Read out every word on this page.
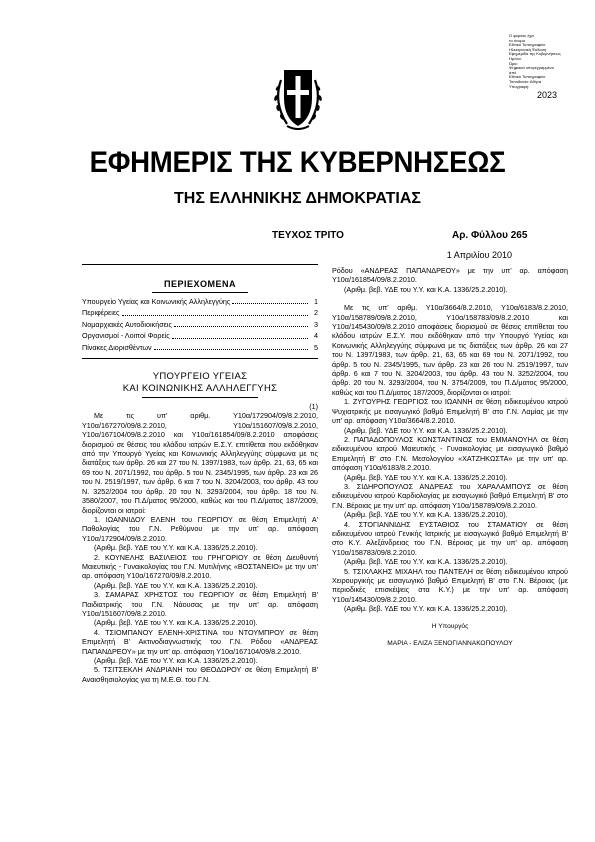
Ο φορέας έχει
το όνομα
Εθνικό Τυπογραφείο
Ηλεκτρονική Έκδοση
Εφημερίδα της Κυβερνήσεως
Ημ/νια:
Ώρα:
Ψηφιακά υπογεγραμμένο από
Εθνικό Τυπογραφείο
Τοποθεσία: Αθήνα
Υπογραφή:
2023
ΕΦΗΜΕΡΙΣ ΤΗΣ ΚΥΒΕΡΝΗΣΕΩΣ
ΤΗΣ ΕΛΛΗΝΙΚΗΣ ΔΗΜΟΚΡΑΤΙΑΣ
ΤΕΥΧΟΣ ΤΡΙΤΟ	Αρ. Φύλλου 265
1 Απριλίου 2010
ΠΕΡΙΕΧΟΜΕΝΑ
Υπουργείο Υγείας και Κοινωνικής Αλληλεγγύης	1
Περιφέρειες	2
Νομαρχιακές Αυτοδιοικήσεις	3
Οργανισμοί - Λοιποί Φορείς	4
Πίνακες Διορισθέντων	5
ΥΠΟΥΡΓΕΙΟ ΥΓΕΙΑΣ
ΚΑΙ ΚΟΙΝΩΝΙΚΗΣ ΑΛΛΗΛΕΓΓΥΗΣ

(1)

Με τις υπ' αριθμ. Υ10α/172904/09/8.2.2010, Υ10α/167270/09/8.2.2010, Υ10α/151607/09/8.2.2010, Υ10α/167104/09/8.2.2010 και Υ10α/161854/09/8.2.2010 αποφάσεις διορισμού σε θέσεις του κλάδου ιατρών Ε.Σ.Υ. επιτίθεται που εκδόθηκαν από την Υπουργό Υγείας και Κοινωνικής Αλληλεγγύης σύμφωνα με τις διατάξεις των άρθρ. 26 και 27 του Ν. 1397/1983, των άρθρ. 21, 63, 65 και 69 του Ν. 2071/1992, του άρθρ. 5 του Ν. 2345/1995, των άρθρ. 23 και 26 του Ν. 2519/1997, των άρθρ. 6 και 7 του Ν. 3204/2003, του άρθρ. 43 του Ν. 3252/2004 του άρθρ. 20 του Ν. 3293/2004, του άρθρ. 18 του Ν. 3580/2007, του Π.Δ/ματος 95/2000, καθώς και του Π.Δ/ματος 187/2009, διορίζονται οι ιατροί:

1. ΙΩΑΝΝΙΔΟΥ ΕΛΕΝΗ του ΓΕΩΡΓΙΟΥ σε θέση Επιμελητή Α' Παθολογίας του Γ.Ν. Ρεθύμνου με την υπ' αρ. απόφαση Υ10α/172904/09/8.2.2010.

(Αριθμ. βεβ. ΥΔΕ του Υ.Υ. και Κ.Α. 1336/25.2.2010).

2. ΚΟΥΝΕΛΗΣ ΒΑΣΙΛΕΙΟΣ του ΓΡΗΓΟΡΙΟΥ σε θέση Διευθυντή Μαιευτικής - Γυναικολογίας του Γ.Ν. Μυτιλήνης «ΒΟΣΤΑΝΕΙΟ» με την υπ' αρ. απόφαση Υ10α/167270/09/8.2.2010.

(Αριθμ. βεβ. ΥΔΕ του Υ.Υ. και Κ.Α. 1336/25.2.2010).

3. ΣΑΜΑΡΑΣ ΧΡΗΣΤΟΣ του ΓΕΩΡΓΙΟΥ σε θέση Επιμελητή Β' Παιδιατρικής του Γ.Ν. Νάουσας με την υπ' αρ. απόφαση Υ10α/151607/09/8.2.2010.

(Αριθμ. βεβ. ΥΔΕ του Υ.Υ. και Κ.Α. 1336/25.2.2010).

4. ΤΣΙΟΜΠΑΝΟΥ ΕΛΕΝΗ-ΧΡΙΣΤΙΝΑ του ΝΤΟΥΜΠΡΟΥ σε θέση Επιμελητή Β' Ακτινοδιαγνωστικής του Γ.Ν. Ρόδου «ΑΝΔΡΕΑΣ ΠΑΠΑΝΔΡΕΟΥ» με την υπ' αρ. απόφαση Υ10α/167104/09/8.2.2010.

(Αριθμ. βεβ. ΥΔΕ του Υ.Υ. και Κ.Α. 1336/25.2.2010).

5. ΤΣΙΤΣΕΚΛΗ ΑΝΔΡΙΑΝΗ του ΘΕΟΔΩΡΟΥ σε θέση Επιμελητή Β' Αναισθησιολογίας για τη Μ.Ε.Θ. του Γ.Ν.

Ρόδου «ΑΝΔΡΕΑΣ ΠΑΠΑΝΔΡΕΟΥ» με την υπ' αρ. απόφαση Υ10α/161854/09/8.2.2010.

(Αριθμ. βεβ. ΥΔΕ του Υ.Υ. και Κ.Α. 1336/25.2.2010).

Με τις υπ' αριθμ. Υ10α/3664/8.2.2010, Υ10α/6183/8.2.2010, Υ10α/158789/09/8.2.2010, Υ10α/158783/09/8.2.2010 και Υ10α/145430/09/8.2.2010 αποφάσεις διορισμού σε θέσεις επιτίθεται του κλάδου ιατρών Ε.Σ.Υ. που εκδόθηκαν από την Υπουργό Υγείας και Κοινωνικής Αλληλεγγύης σύμφωνα με τις διατάξεις των άρθρ. 26 και 27 του Ν. 1397/1983, των άρθρ. 21, 63, 65 και 69 του Ν. 2071/1992, του άρθρ. 5 του Ν. 2345/1995, των άρθρ. 23 και 26 του Ν. 2519/1997, των άρθρ. 6 και 7 του Ν. 3204/2003, του άρθρ. 43 του Ν. 3252/2004, του άρθρ. 20 του Ν. 3293/2004, του Ν. 3754/2009, του Π.Δ/ματος 95/2000, καθώς και του Π.Δ/ματος 187/2009, διορίζονται οι ιατροί:

1. ΖΥΓΟΥΡΗΣ ΓΕΩΡΓΙΟΣ του ΙΩΑΝΝΗ σε θέση ειδικευμένου ιατρού Ψυχιατρικής με εισαγωγικό βαθμό Επιμελητή Β' στο Γ.Ν. Λαμίας με την υπ' αρ. απόφαση Υ10α/3664/8.2.2010.

(Αριθμ. βεβ. ΥΔΕ του Υ.Υ. και Κ.Α. 1336/25.2.2010).

2. ΠΑΠΑΔΟΠΟΥΛΟΣ ΚΩΝΣΤΑΝΤΙΝΟΣ του ΕΜΜΑΝΟΥΗΛ σε θέση ειδικευμένου ιατρού Μαιευτικής - Γυναικολογίας με εισαγωγικό βαθμό Επιμελητή Β' στο Γ.Ν. Μεσολογγίου «ΧΑΤΖΗΚΩΣΤΑ» με την υπ' αρ. απόφαση Υ10α/6183/8.2.2010.

(Αριθμ. βεβ. ΥΔΕ του Υ.Υ. και Κ.Α. 1336/25.2.2010).

3. ΣΙΔΗΡΟΠΟΥΛΟΣ ΑΝΔΡΕΑΣ του ΧΑΡΑΛΑΜΠΟΥΣ σε θέση ειδικευμένου ιατρού Καρδιολογίας με εισαγωγικό βαθμό Επιμελητή Β' στο Γ.Ν. Βέροιας με την υπ' αρ. απόφαση Υ10α/158789/09/8.2.2010.

(Αριθμ. βεβ. ΥΔΕ του Υ.Υ. και Κ.Α. 1336/25.2.2010).

4. ΣΤΟΓΙΑΝΝΙΔΗΣ ΕΥΣΤΑΘΙΟΣ του ΣΤΑΜΑΤΙΟΥ σε θέση ειδικευμένου ιατρού Γενικής Ιατρικής με εισαγωγικό βαθμό Επιμελητή Β' στο Κ.Υ. Αλεξάνδρειας του Γ.Ν. Βέροιας με την υπ' αρ. απόφαση Υ10α/158783/09/8.2.2010.

(Αριθμ. βεβ. ΥΔΕ του Υ.Υ. και Κ.Α. 1336/25.2.2010).

5. ΤΣΙΧΛΑΚΗΣ ΜΙΧΑΗΛ του ΠΑΝΤΕΛΗ σε θέση ειδικευμένου ιατρού Χειρουργικής με εισαγωγικό βαθμό Επιμελητή Β' στο Γ.Ν. Βέροιας (με περιοδικές επισκέψεις στα Κ.Υ.) με την υπ' αρ. απόφαση Υ10α/145430/09/8.2.2010.

(Αριθμ. βεβ. ΥΔΕ του Υ.Υ. και Κ.Α. 1336/25.2.2010).

Η Υπουργός
ΜΑΡΙΑ - ΕΛΙΖΑ ΞΕΝΟΓΙΑΝΝΑΚΟΠΟΥΛΟΥ
